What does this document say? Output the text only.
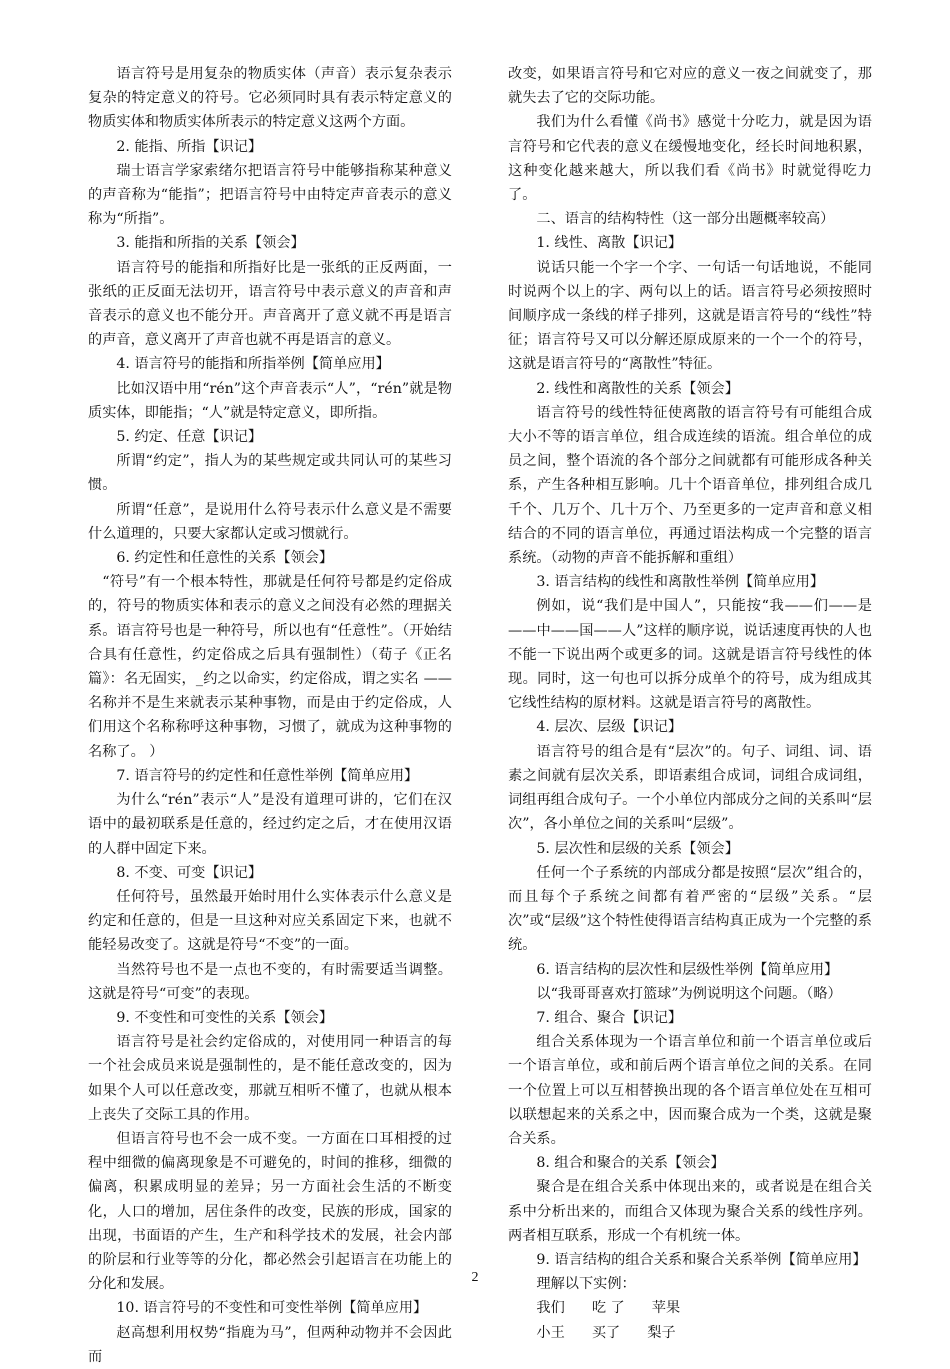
语言符号是用复杂的物质实体（声音）表示复杂表示复杂的特定意义的符号。它必须同时具有表示特定意义的物质实体和物质实体所表示的特定意义这两个方面。

2. 能指、所指【识记】

瑞士语言学家索绪尔把语言符号中能够指称某种意义的声音称为“能指”；把语言符号中由特定声音表示的意义称为“所指”。

3. 能指和所指的关系【领会】

语言符号的能指和所指好比是一张纸的正反两面，一张纸的正反面无法切开，语言符号中表示意义的声音和声音表示的意义也不能分开。声音离开了意义就不再是语言的声音，意义离开了声音也就不再是语言的意义。

4. 语言符号的能指和所指举例【简单应用】

比如汉语中用“rén”这个声音表示“人”，“rén”就是物质实体，即能指；“人”就是特定意义，即所指。

5. 约定、任意【识记】

所谓“约定”，指人为的某些规定或共同认可的某些习惯。

所谓“任意”，是说用什么符号表示什么意义是不需要什么道理的，只要大家都认定或习惯就行。

6. 约定性和任意性的关系【领会】

“符号”有一个根本特性，那就是任何符号都是约定俗成的，符号的物质实体和表示的意义之间没有必然的理据关系。语言符号也是一种符号，所以也有“任意性”。（开始结合具有任意性，约定俗成之后具有强制性）（荀子《正名篇》：名无固实，_约之以命实，约定俗成，谓之实名 ——名称并不是生来就表示某种事物，而是由于约定俗成，人们用这个名称称呼这种事物，习惯了，就成为这种事物的名称了。 ）

7. 语言符号的约定性和任意性举例【简单应用】

为什么“rén”表示“人”是没有道理可讲的，它们在汉语中的最初联系是任意的，经过约定之后，才在使用汉语的人群中固定下来。

8. 不变、可变【识记】

任何符号，虽然最开始时用什么实体表示什么意义是约定和任意的，但是一旦这种对应关系固定下来，也就不能轻易改变了。这就是符号“不变”的一面。

当然符号也不是一点也不变的，有时需要适当调整。这就是符号“可变”的表现。

9. 不变性和可变性的关系【领会】

语言符号是社会约定俗成的，对使用同一种语言的每一个社会成员来说是强制性的，是不能任意改变的，因为如果个人可以任意改变，那就互相听不懂了，也就从根本上丧失了交际工具的作用。

但语言符号也不会一成不变。一方面在口耳相授的过程中细微的偏离现象是不可避免的，时间的推移，细微的偏离，积累成明显的差异；另一方面社会生活的不断变化，人口的增加，居住条件的改变，民族的形成，国家的出现，书面语的产生，生产和科学技术的发展，社会内部的阶层和行业等等的分化，都必然会引起语言在功能上的分化和发展。

10. 语言符号的不变性和可变性举例【简单应用】

赵高想利用权势“指鹿为马”，但两种动物并不会因此而

改变，如果语言符号和它对应的意义一夜之间就变了，那就失去了它的交际功能。

我们为什么看懂《尚书》感觉十分吃力，就是因为语言符号和它代表的意义在缓慢地变化，经长时间地积累，这种变化越来越大，所以我们看《尚书》时就觉得吃力了。

二、语言的结构特性（这一部分出题概率较高）

1. 线性、离散【识记】

说话只能一个字一个字、一句话一句话地说，不能同时说两个以上的字、两句以上的话。语言符号必须按照时间顺序成一条线的样子排列，这就是语言符号的“线性”特征；语言符号又可以分解还原成原来的一个一个的符号，这就是语言符号的“离散性”特征。

2. 线性和离散性的关系【领会】

语言符号的线性特征使离散的语言符号有可能组合成大小不等的语言单位，组合成连续的语流。组合单位的成员之间，整个语流的各个部分之间就都有可能形成各种关系，产生各种相互影响。几十个语音单位，排列组合成几千个、几万个、几十万个、乃至更多的一定声音和意义相结合的不同的语言单位，再通过语法构成一个完整的语言系统。（动物的声音不能拆解和重组）

3. 语言结构的线性和离散性举例【简单应用】

例如，说“我们是中国人”，只能按“我——们——是——中——国——人”这样的顺序说，说话速度再快的人也不能一下说出两个或更多的词。这就是语言符号线性的体现。同时，这一句也可以拆分成单个的符号，成为组成其它线性结构的原材料。这就是语言符号的离散性。

4. 层次、层级【识记】

语言符号的组合是有“层次”的。句子、词组、词、语素之间就有层次关系，即语素组合成词，词组合成词组，词组再组合成句子。一个小单位内部成分之间的关系叫“层次”，各小单位之间的关系叫“层级”。

5. 层次性和层级的关系【领会】

任何一个子系统的内部成分都是按照“层次”组合的，而且每个子系统之间都有着严密的“层级”关系。“层次”或“层级”这个特性使得语言结构真正成为一个完整的系统。

6. 语言结构的层次性和层级性举例【简单应用】

以“我哥哥喜欢打篮球”为例说明这个问题。（略）

7. 组合、聚合【识记】

组合关系体现为一个语言单位和前一个语言单位或后一个语言单位，或和前后两个语言单位之间的关系。在同一个位置上可以互相替换出现的各个语言单位处在互相可以联想起来的关系之中，因而聚合成为一个类，这就是聚合关系。

8. 组合和聚合的关系【领会】

聚合是在组合关系中体现出来的，或者说是在组合关系中分析出来的，而组合又体现为聚合关系的线性序列。两者相互联系，形成一个有机统一体。

9. 语言结构的组合关系和聚合关系举例【简单应用】

理解以下实例：

我们      吃 了      苹果

小王      买了      梨子

2
